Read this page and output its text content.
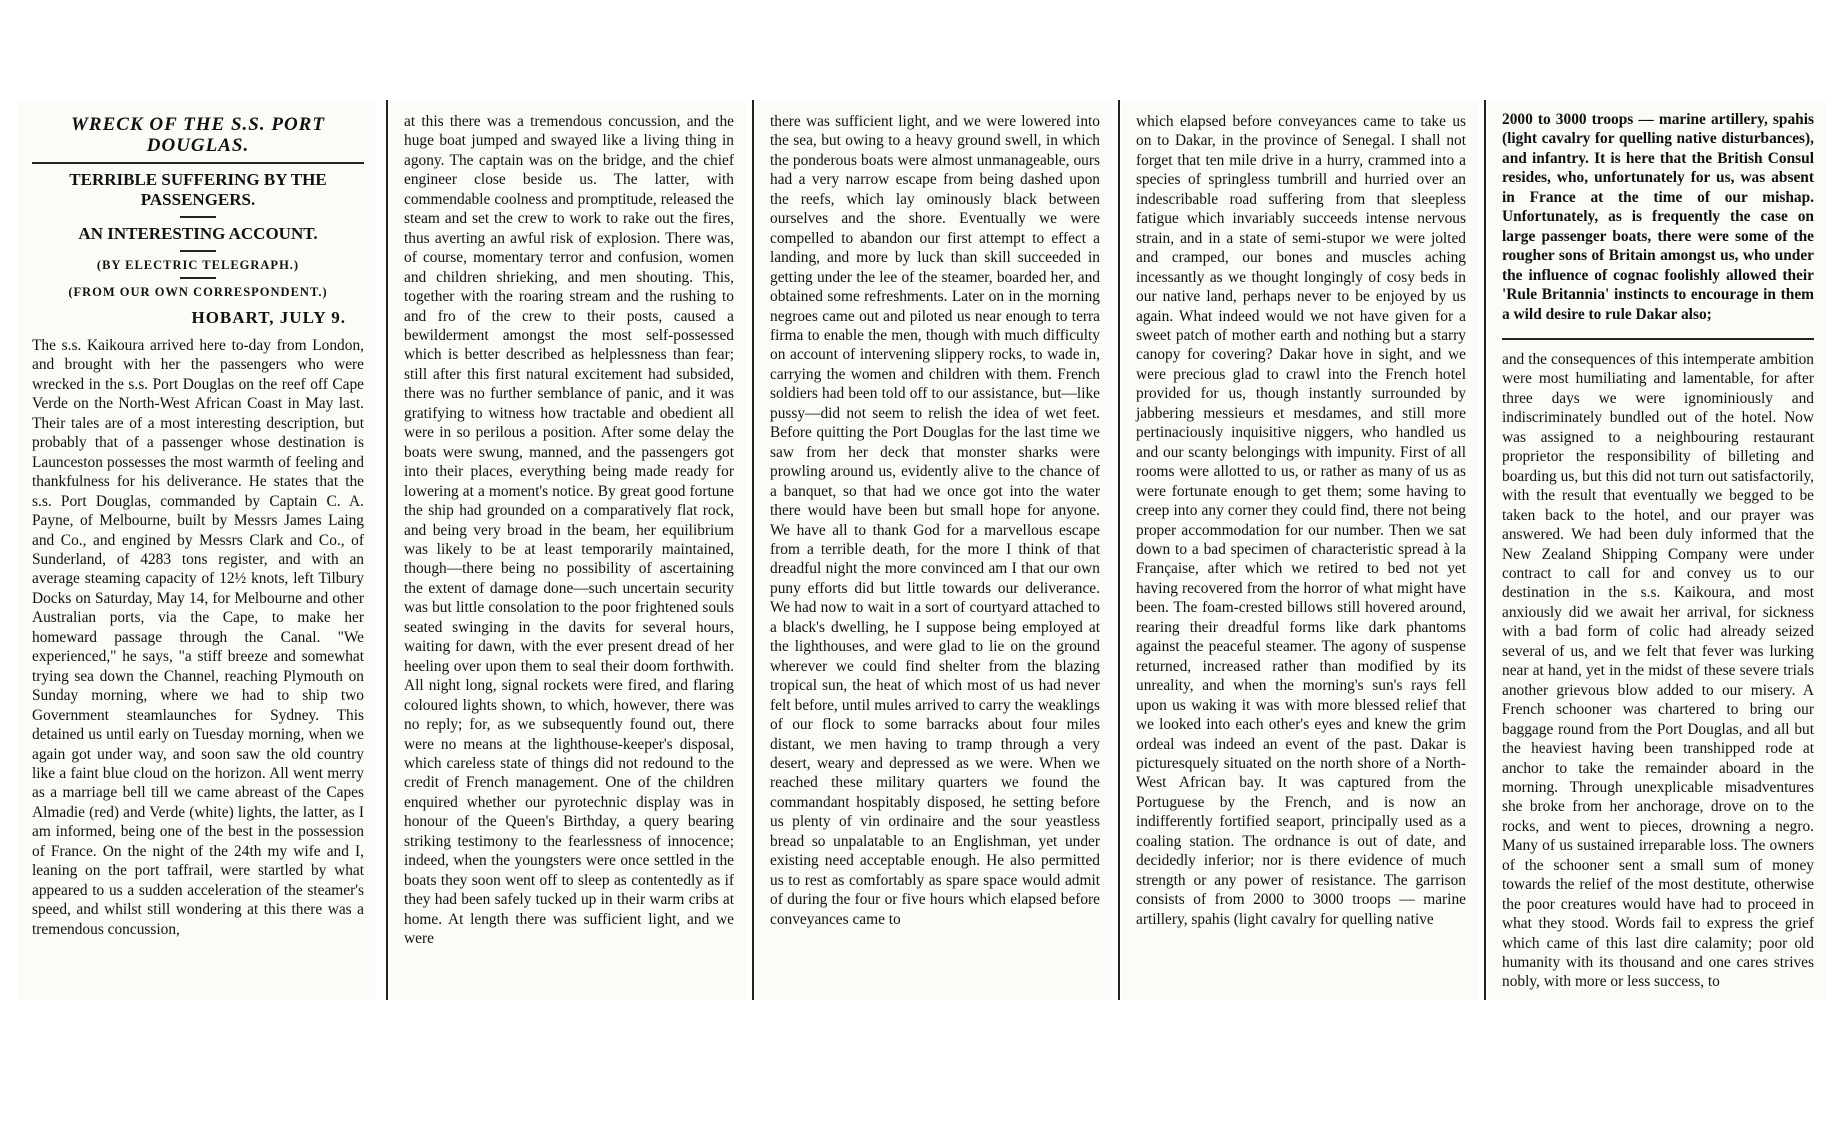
WRECK OF THE S.S. PORT DOUGLAS.
TERRIBLE SUFFERING BY THE PASSENGERS.
AN INTERESTING ACCOUNT.
(BY ELECTRIC TELEGRAPH.)
(FROM OUR OWN CORRESPONDENT.)
HOBART, JULY 9.

The s.s. Kaikoura arrived here to-day from London, and brought with her the passengers who were wrecked in the s.s. Port Douglas on the reef off Cape Verde on the North-West African Coast in May last. Their tales are of a most interesting description, but probably that of a passenger whose destination is Launceston possesses the most warmth of feeling and thankfulness for his deliverance. He states that the s.s. Port Douglas, commanded by Captain C. A. Payne, of Melbourne, built by Messrs James Laing and Co., and engined by Messrs Clark and Co., of Sunderland, of 4283 tons register, and with an average steaming capacity of 12½ knots, left Tilbury Docks on Saturday, May 14, for Melbourne and other Australian ports, via the Cape, to make her homeward passage through the Canal. "We experienced," he says, "a stiff breeze and somewhat trying sea down the Channel, reaching Plymouth on Sunday morning, where we had to ship two Government steamlaunches for Sydney. This detained us until early on Tuesday morning, when we again got under way, and soon saw the old country like a faint blue cloud on the horizon. All went merry as a marriage bell till we came abreast of the Capes Almadie (red) and Verde (white) lights, the latter, as I am informed, being one of the best in the possession of France. On the night of the 24th my wife and I, leaning on the port taffrail, were startled by what appeared to us a sudden acceleration of the steamer's speed, and whilst still wondering at this there was a tremendous concussion,

at this there was a tremendous concussion, and the huge boat jumped and swayed like a living thing in agony. The captain was on the bridge, and the chief engineer close beside us. The latter, with commendable coolness and promptitude, released the steam and set the crew to work to rake out the fires, thus averting an awful risk of explosion. There was, of course, momentary terror and confusion, women and children shrieking, and men shouting. This, together with the roaring stream and the rushing to and fro of the crew to their posts, caused a bewilderment amongst the most self-possessed which is better described as helplessness than fear; still after this first natural excitement had subsided, there was no further semblance of panic, and it was gratifying to witness how tractable and obedient all were in so perilous a position. After some delay the boats were swung, manned, and the passengers got into their places, everything being made ready for lowering at a moment's notice. By great good fortune the ship had grounded on a comparatively flat rock, and being very broad in the beam, her equilibrium was likely to be at least temporarily maintained, though—there being no possibility of ascertaining the extent of damage done—such uncertain security was but little consolation to the poor frightened souls seated swinging in the davits for several hours, waiting for dawn, with the ever present dread of her heeling over upon them to seal their doom forthwith. All night long, signal rockets were fired, and flaring coloured lights shown, to which, however, there was no reply; for, as we subsequently found out, there were no means at the lighthouse-keeper's disposal, which careless state of things did not redound to the credit of French management. One of the children enquired whether our pyrotechnic display was in honour of the Queen's Birthday, a query bearing striking testimony to the fearlessness of innocence; indeed, when the youngsters were once settled in the boats they soon went off to sleep as contentedly as if they had been safely tucked up in their warm cribs at home. At length there was sufficient light, and we were

there was sufficient light, and we were lowered into the sea, but owing to a heavy ground swell, in which the ponderous boats were almost unmanageable, ours had a very narrow escape from being dashed upon the reefs, which lay ominously black between ourselves and the shore. Eventually we were compelled to abandon our first attempt to effect a landing, and more by luck than skill succeeded in getting under the lee of the steamer, boarded her, and obtained some refreshments. Later on in the morning negroes came out and piloted us near enough to terra firma to enable the men, though with much difficulty on account of intervening slippery rocks, to wade in, carrying the women and children with them. French soldiers had been told off to our assistance, but—like pussy—did not seem to relish the idea of wet feet. Before quitting the Port Douglas for the last time we saw from her deck that monster sharks were prowling around us, evidently alive to the chance of a banquet, so that had we once got into the water there would have been but small hope for anyone. We have all to thank God for a marvellous escape from a terrible death, for the more I think of that dreadful night the more convinced am I that our own puny efforts did but little towards our deliverance. We had now to wait in a sort of courtyard attached to a black's dwelling, he I suppose being employed at the lighthouses, and were glad to lie on the ground wherever we could find shelter from the blazing tropical sun, the heat of which most of us had never felt before, until mules arrived to carry the weaklings of our flock to some barracks about four miles distant, we men having to tramp through a very desert, weary and depressed as we were. When we reached these military quarters we found the commandant hospitably disposed, he setting before us plenty of vin ordinaire and the sour yeastless bread so unpalatable to an Englishman, yet under existing need acceptable enough. He also permitted us to rest as comfortably as spare space would admit of during the four or five hours which elapsed before conveyances came to

which elapsed before conveyances came to take us on to Dakar, in the province of Senegal. I shall not forget that ten mile drive in a hurry, crammed into a species of springless tumbrill and hurried over an indescribable road suffering from that sleepless fatigue which invariably succeeds intense nervous strain, and in a state of semi-stupor we were jolted and cramped, our bones and muscles aching incessantly as we thought longingly of cosy beds in our native land, perhaps never to be enjoyed by us again. What indeed would we not have given for a sweet patch of mother earth and nothing but a starry canopy for covering? Dakar hove in sight, and we were precious glad to crawl into the French hotel provided for us, though instantly surrounded by jabbering messieurs et mesdames, and still more pertinaciously inquisitive niggers, who handled us and our scanty belongings with impunity. First of all rooms were allotted to us, or rather as many of us as were fortunate enough to get them; some having to creep into any corner they could find, there not being proper accommodation for our number. Then we sat down to a bad specimen of characteristic spread à la Française, after which we retired to bed not yet having recovered from the horror of what might have been. The foam-crested billows still hovered around, rearing their dreadful forms like dark phantoms against the peaceful steamer. The agony of suspense returned, increased rather than modified by its unreality, and when the morning's sun's rays fell upon us waking it was with more blessed relief that we looked into each other's eyes and knew the grim ordeal was indeed an event of the past. Dakar is picturesquely situated on the north shore of a North-West African bay. It was captured from the Portuguese by the French, and is now an indifferently fortified seaport, principally used as a coaling station. The ordnance is out of date, and decidedly inferior; nor is there evidence of much strength or any power of resistance. The garrison consists of from 2000 to 3000 troops — marine artillery, spahis (light cavalry for quelling native

2000 to 3000 troops — marine artillery, spahis (light cavalry for quelling native disturbances), and infantry. It is here that the British Consul resides, who, unfortunately for us, was absent in France at the time of our mishap. Unfortunately, as is frequently the case on large passenger boats, there were some of the rougher sons of Britain amongst us, who under the influence of cognac foolishly allowed their 'Rule Britannia' instincts to encourage in them a wild desire to rule Dakar also;

and the consequences of this intemperate ambition were most humiliating and lamentable, for after three days we were ignominiously and indiscriminately bundled out of the hotel. Now was assigned to a neighbouring restaurant proprietor the responsibility of billeting and boarding us, but this did not turn out satisfactorily, with the result that eventually we begged to be taken back to the hotel, and our prayer was answered. We had been duly informed that the New Zealand Shipping Company were under contract to call for and convey us to our destination in the s.s. Kaikoura, and most anxiously did we await her arrival, for sickness with a bad form of colic had already seized several of us, and we felt that fever was lurking near at hand, yet in the midst of these severe trials another grievous blow added to our misery. A French schooner was chartered to bring our baggage round from the Port Douglas, and all but the heaviest having been transhipped rode at anchor to take the remainder aboard in the morning. Through unexplicable misadventures she broke from her anchorage, drove on to the rocks, and went to pieces, drowning a negro. Many of us sustained irreparable loss. The owners of the schooner sent a small sum of money towards the relief of the most destitute, otherwise the poor creatures would have had to proceed in what they stood. Words fail to express the grief which came of this last dire calamity; poor old humanity with its thousand and one cares strives nobly, with more or less success, to
